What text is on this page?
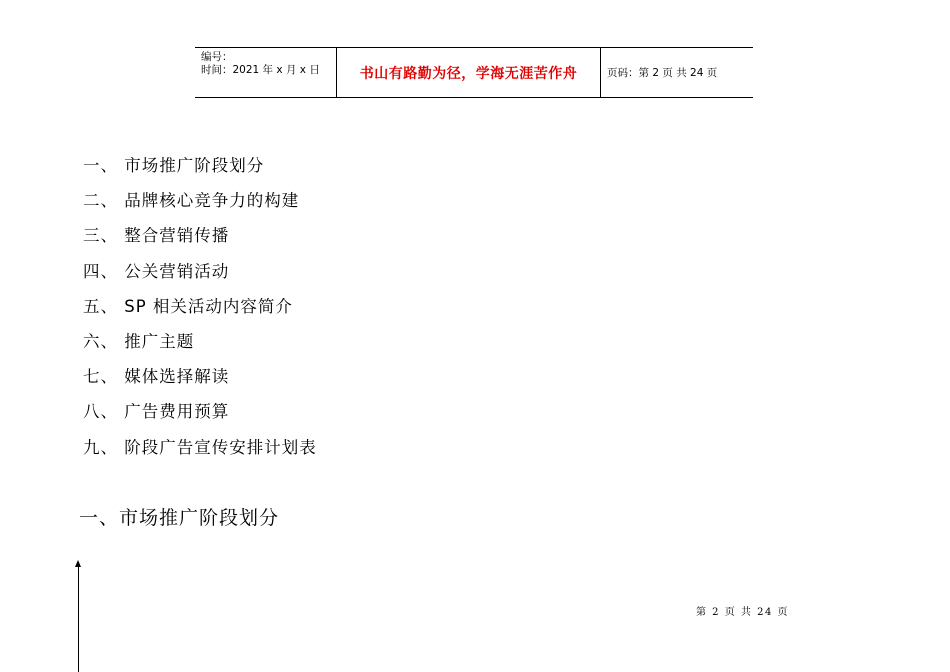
编号：
时间：2021 年 x 月 x 日	书山有路勤为径，学海无涯苦作舟	页码：第 2 页 共 24 页
一、 市场推广阶段划分
二、 品牌核心竞争力的构建
三、 整合营销传播
四、 公关营销活动
五、 SP 相关活动内容简介
六、 推广主题
七、 媒体选择解读
八、 广告费用预算
九、 阶段广告宣传安排计划表
一、市场推广阶段划分
第 2 页 共 24 页
